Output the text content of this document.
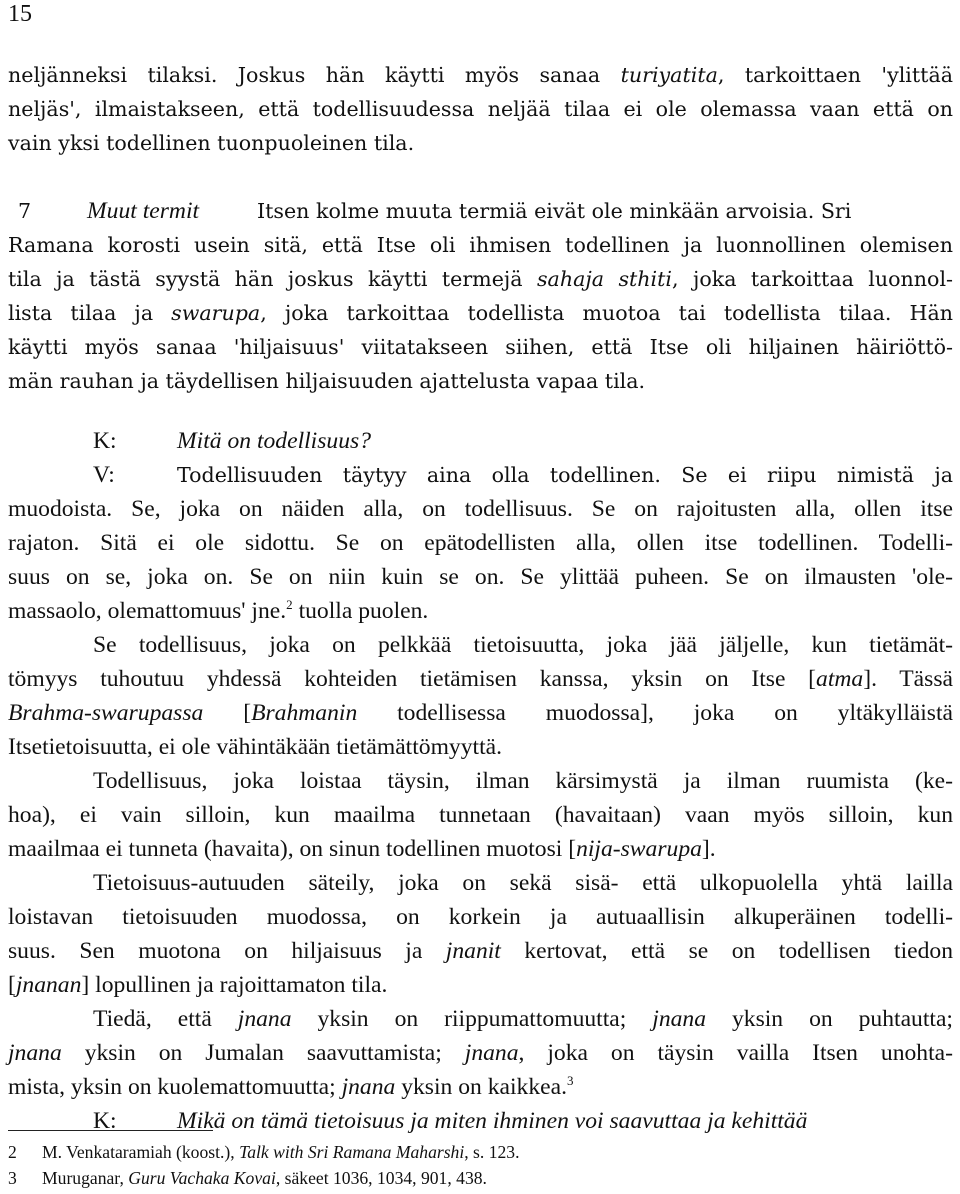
15
neljänneksi tilaksi. Joskus hän käytti myös sanaa turiyatita, tarkoittaen 'ylittää
neljäs', ilmaistakseen, että todellisuudessa neljää tilaa ei ole olemassa vaan että on
vain yksi todellinen tuonpuoleinen tila.
7 Muut termit	Itsen kolme muuta termiä eivät ole minkään arvoisia. Sri
Ramana korosti usein sitä, että Itse oli ihmisen todellinen ja luonnollinen olemisen
tila ja tästä syystä hän joskus käytti termejä sahaja sthiti, joka tarkoittaa luonnol-
lista tilaa ja swarupa, joka tarkoittaa todellista muotoa tai todellista tilaa. Hän
käytti myös sanaa 'hiljaisuus' viitatakseen siihen, että Itse oli hiljainen häiriöttö-
män rauhan ja täydellisen hiljaisuuden ajattelusta vapaa tila.
K:	Mitä on todellisuus?
V:	Todellisuuden täytyy aina olla todellinen. Se ei riipu nimistä ja
muodoista. Se, joka on näiden alla, on todellisuus. Se on rajoitusten alla, ollen itse
rajaton. Sitä ei ole sidottu. Se on epätodellisten alla, ollen itse todellinen. Todelli-
suus on se, joka on. Se on niin kuin se on. Se ylittää puheen. Se on ilmausten 'ole-
massaolo, olemattomuus' jne.$^2$ tuolla puolen.
Se todellisuus, joka on pelkkää tietoisuutta, joka jää jäljelle, kun tietämät-
tömyys tuhoutuu yhdessä kohteiden tietämisen kanssa, yksin on Itse [atma]. Tässä
Brahma-swarupassa [Brahmanin todellisessa muodossa], joka on yltäkylläistä
Itsetietoisuutta, ei ole vähintäkään tietämättömyyttä.
Todellisuus, joka loistaa täysin, ilman kärsimystä ja ilman ruumista (ke-
hoa), ei vain silloin, kun maailma tunnetaan (havaitaan) vaan myös silloin, kun
maailmaa ei tunneta (havaita), on sinun todellinen muotosi [nija-swarupa].
Tietoisuus-autuuden säteily, joka on sekä sisä- että ulkopuolella yhtä lailla
loistavan tietoisuuden muodossa, on korkein ja autuaallisin alkuperäinen todelli-
suus. Sen muotona on hiljaisuus ja jnanit kertovat, että se on todellisen tiedon
[jnanan] lopullinen ja rajoittamaton tila.
Tiedä, että jnana yksin on riippumattomuutta; jnana yksin on puhtautta;
jnana yksin on Jumalan saavuttamista; jnana, joka on täysin vailla Itsen unohta-
mista, yksin on kuolemattomuutta; jnana yksin on kaikkea.$^3$
K:	Mikä on tämä tietoisuus ja miten ihminen voi saavuttaa ja kehittää
2 M. Venkataramiah (koost.), Talk with Sri Ramana Maharshi, s. 123.
3 Muruganar, Guru Vachaka Kovai, säkeet 1036, 1034, 901, 438.
